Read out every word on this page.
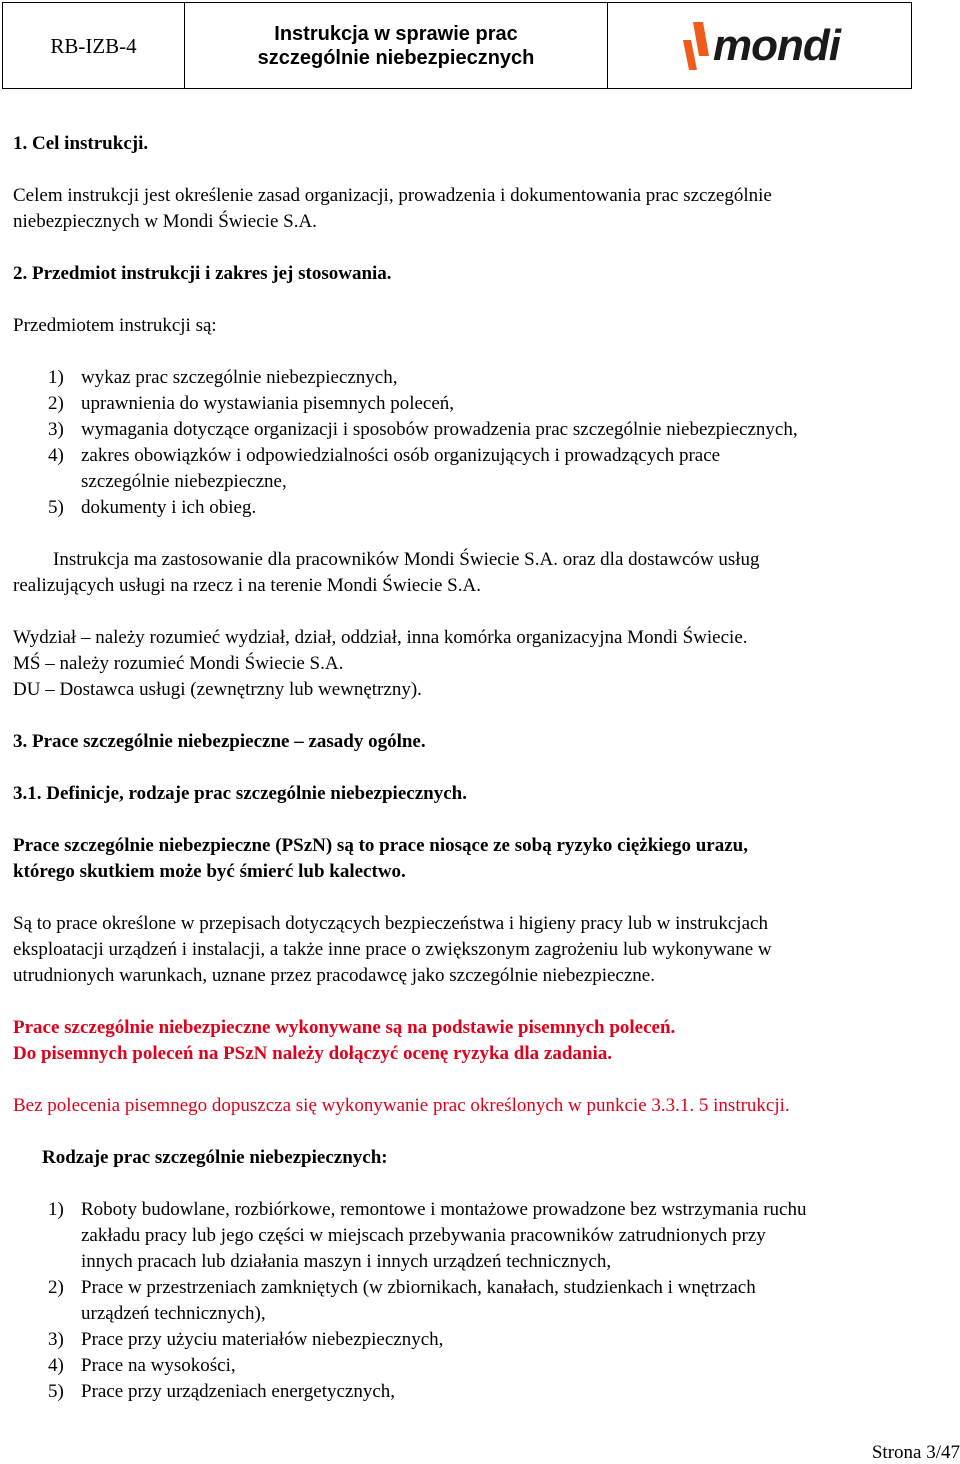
RB-IZB-4	Instrukcja w sprawie prac
szczególnie niebezpiecznych	mondi

1. Cel instrukcji.

Celem instrukcji jest określenie zasad organizacji, prowadzenia i dokumentowania prac szczególnie

niebezpiecznych w Mondi Świecie S.A.

2. Przedmiot instrukcji i zakres jej stosowania.

Przedmiotem instrukcji są:

1) wykaz prac szczególnie niebezpiecznych,
2) uprawnienia do wystawiania pisemnych poleceń,
3) wymagania dotyczące organizacji i sposobów prowadzenia prac szczególnie niebezpiecznych,
4) zakres obowiązków i odpowiedzialności osób organizujących i prowadzących prace
szczególnie niebezpieczne,
5) dokumenty i ich obieg.

Instrukcja ma zastosowanie dla pracowników Mondi Świecie S.A. oraz dla dostawców usług

realizujących usługi na rzecz i na terenie Mondi Świecie S.A.

Wydział – należy rozumieć wydział, dział, oddział, inna komórka organizacyjna Mondi Świecie.

MŚ – należy rozumieć Mondi Świecie S.A.

DU – Dostawca usługi (zewnętrzny lub wewnętrzny).

3. Prace szczególnie niebezpieczne – zasady ogólne.

3.1. Definicje, rodzaje prac szczególnie niebezpiecznych.

Prace szczególnie niebezpieczne (PSzN) są to prace niosące ze sobą ryzyko ciężkiego urazu,

którego skutkiem może być śmierć lub kalectwo.

Są to prace określone w przepisach dotyczących bezpieczeństwa i higieny pracy lub w instrukcjach

eksploatacji urządzeń i instalacji, a także inne prace o zwiększonym zagrożeniu lub wykonywane w

utrudnionych warunkach, uznane przez pracodawcę jako szczególnie niebezpieczne.

Prace szczególnie niebezpieczne wykonywane są na podstawie pisemnych poleceń.

Do pisemnych poleceń na PSzN należy dołączyć ocenę ryzyka dla zadania.

Bez polecenia pisemnego dopuszcza się wykonywanie prac określonych w punkcie 3.3.1. 5 instrukcji.

Rodzaje prac szczególnie niebezpiecznych:

1) Roboty budowlane, rozbiórkowe, remontowe i montażowe prowadzone bez wstrzymania ruchu
zakładu pracy lub jego części w miejscach przebywania pracowników zatrudnionych przy
innych pracach lub działania maszyn i innych urządzeń technicznych,
2) Prace w przestrzeniach zamkniętych (w zbiornikach, kanałach, studzienkach i wnętrzach
urządzeń technicznych),
3) Prace przy użyciu materiałów niebezpiecznych,
4) Prace na wysokości,
5) Prace przy urządzeniach energetycznych,
Strona 3/47
